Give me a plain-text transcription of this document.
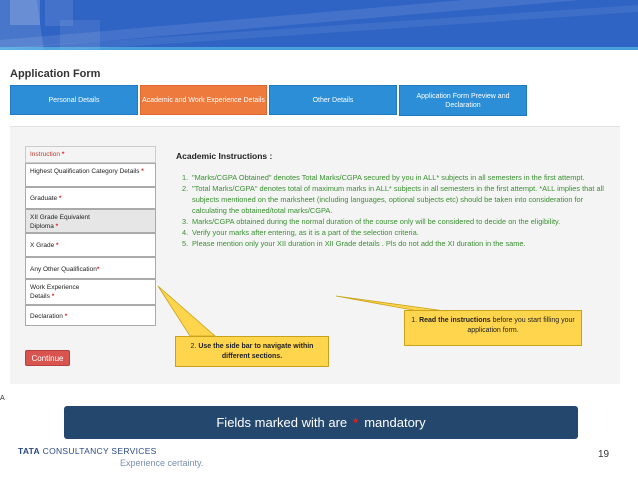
Application Form
Personal Details	Academic and Work Experience Details	Other Details
Application Form Preview and Declaration
Instruction *
Highest Qualification Category Details *
Graduate *
XII Grade Equivalent Diploma *
X Grade *
Any Other Qualification*
Work Experience Details *
Declaration *
Continue
Academic Instructions :
1. "Marks/CGPA Obtained" denotes Total Marks/CGPA secured by you in ALL* subjects in all semesters in the first attempt.
2. "Total Marks/CGPA" denotes total of maximum marks in ALL* subjects in all semesters in the first attempt. *ALL implies that all subjects mentioned on the marksheet (including languages, optional subjects etc) should be taken into consideration for calculating the obtained/total marks/CGPA.
3. Marks/CGPA obtained during the normal duration of the course only will be considered to decide on the eligibility.
4. Verify your marks after entering, as it is a part of the selection criteria.
5. Please mention only your XII duration in XII Grade details . Pls do not add the XI duration in the same.
1. Read the instructions before you start filling your application form.
2. Use the side bar to navigate within different sections.
A
Fields marked with are * mandatory
TATA CONSULTANCY SERVICES
Experience certainty.
19
